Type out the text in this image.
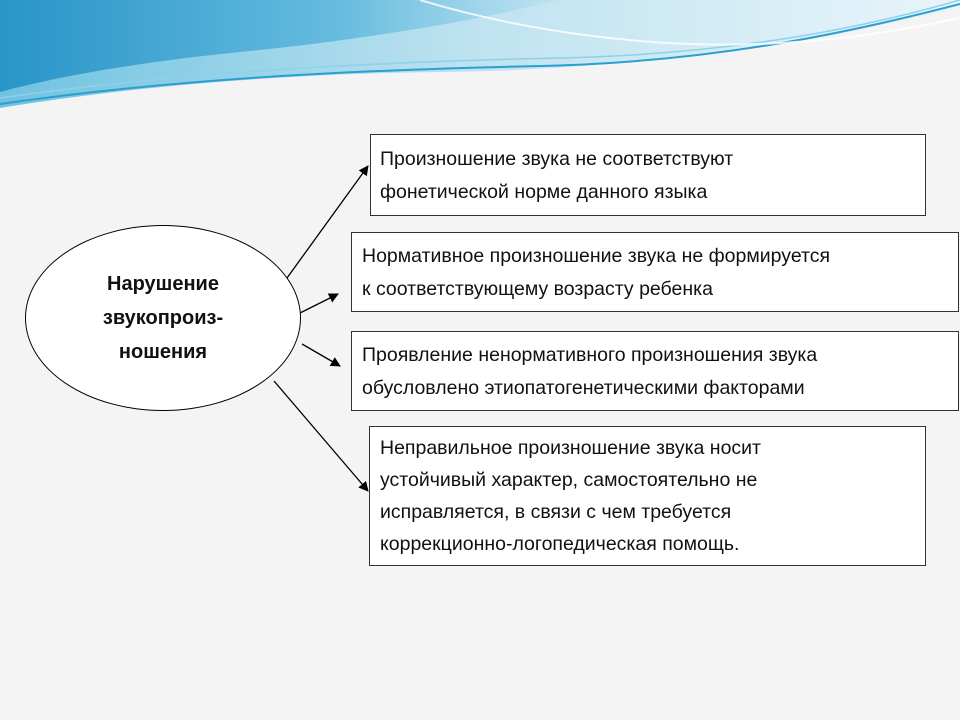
Нарушение
звукопроиз-
ношения
Произношение звука не соответствуют
фонетической норме данного языка
Нормативное произношение звука не формируется
к соответствующему возрасту ребенка
Проявление ненормативного произношения звука
обусловлено этиопатогенетическими факторами
Неправильное произношение звука носит
устойчивый характер, самостоятельно не
исправляется, в связи с чем требуется
коррекционно-логопедическая помощь.
